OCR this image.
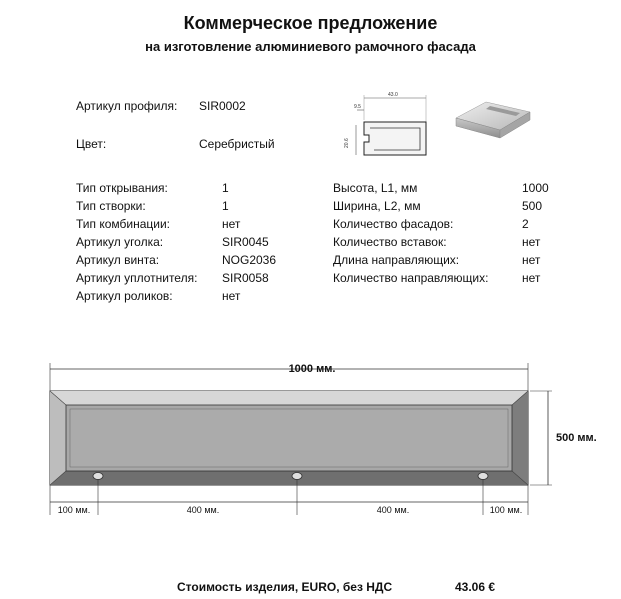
Коммерческое предложение
на изготовление алюминиевого рамочного фасада
Артикул профиля: SIR0002
Цвет:	Серебристый
43.0
9.5
20.6
Тип открывания:	1
Тип створки:	1
Тип комбинации:	нет
Артикул уголка:	SIR0045
Артикул винта:	NOG2036
Артикул уплотнителя: SIR0058
Артикул роликов:	нет
Высота, L1, мм	1000
Ширина, L2, мм	500
Количество фасадов:	2
Количество вставок:	нет
Длина направляющих:	нет
Количество направляющих:	нет
1000 мм.
500 мм.
100 мм.	400 мм.	400 мм.	100 мм.
Стоимость изделия, EURO, без НДС	43.06 €
